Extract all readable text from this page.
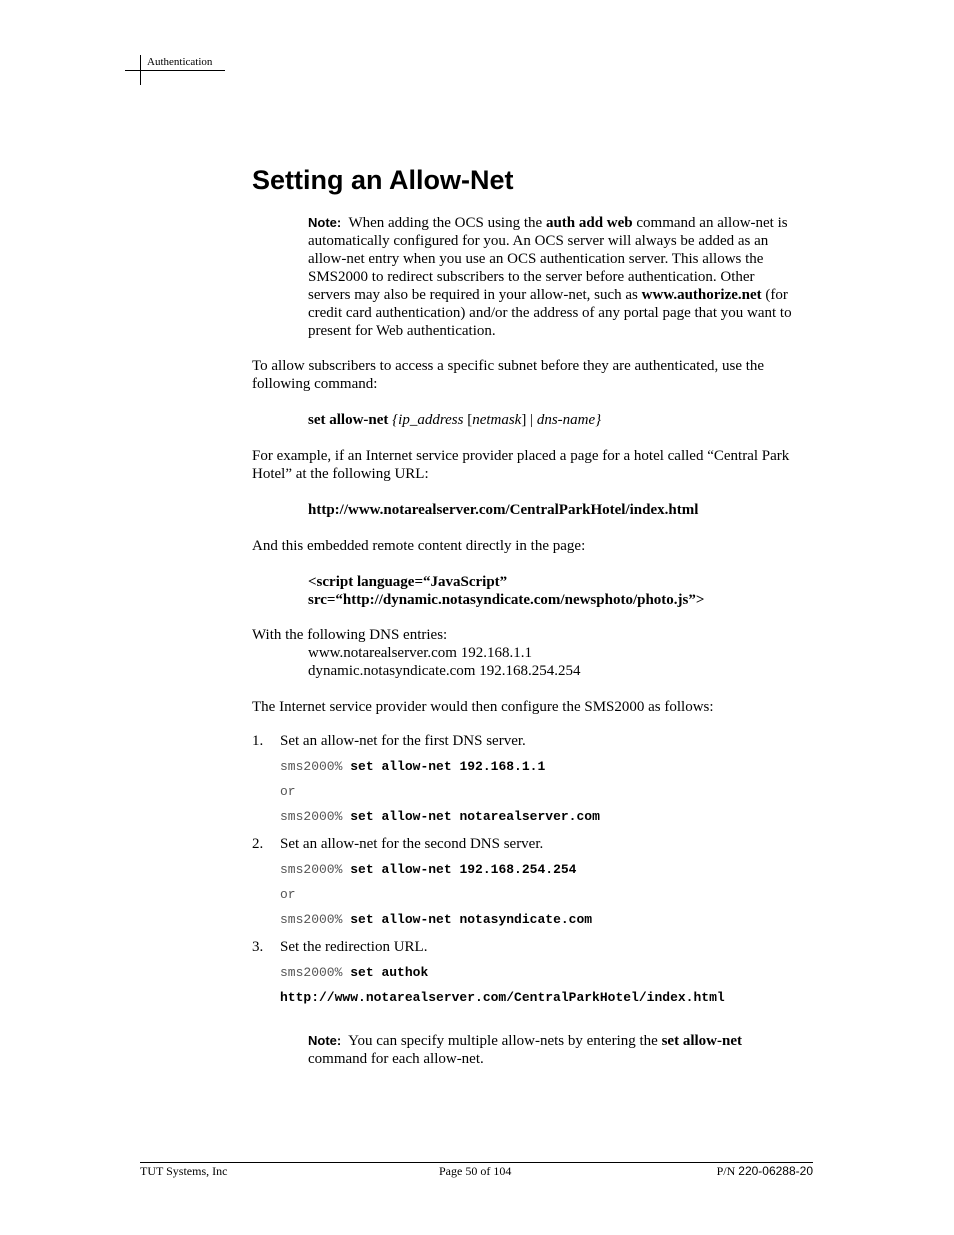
Authentication
Setting an Allow-Net
Note: When adding the OCS using the auth add web command an allow-net is
automatically configured for you. An OCS server will always be added as an
allow-net entry when you use an OCS authentication server. This allows the
SMS2000 to redirect subscribers to the server before authentication. Other
servers may also be required in your allow-net, such as www.authorize.net (for
credit card authentication) and/or the address of any portal page that you want to
present for Web authentication.
To allow subscribers to access a specific subnet before they are authenticated, use the
following command:
set allow-net {ip_address [netmask] | dns-name}
For example, if an Internet service provider placed a page for a hotel called “Central Park
Hotel” at the following URL:
http://www.notarealserver.com/CentralParkHotel/index.html
And this embedded remote content directly in the page:
<script language=“JavaScript”
src=“http://dynamic.notasyndicate.com/newsphoto/photo.js”>
With the following DNS entries:
www.notarealserver.com 192.168.1.1
dynamic.notasyndicate.com 192.168.254.254
The Internet service provider would then configure the SMS2000 as follows:
1. Set an allow-net for the first DNS server.
sms2000% set allow-net 192.168.1.1
or
sms2000% set allow-net notarealserver.com
2. Set an allow-net for the second DNS server.
sms2000% set allow-net 192.168.254.254
or
sms2000% set allow-net notasyndicate.com
3. Set the redirection URL.
sms2000% set authok
http://www.notarealserver.com/CentralParkHotel/index.html
Note: You can specify multiple allow-nets by entering the set allow-net
command for each allow-net.
TUT Systems, Inc	Page 50 of 104	P/N 220-06288-20
